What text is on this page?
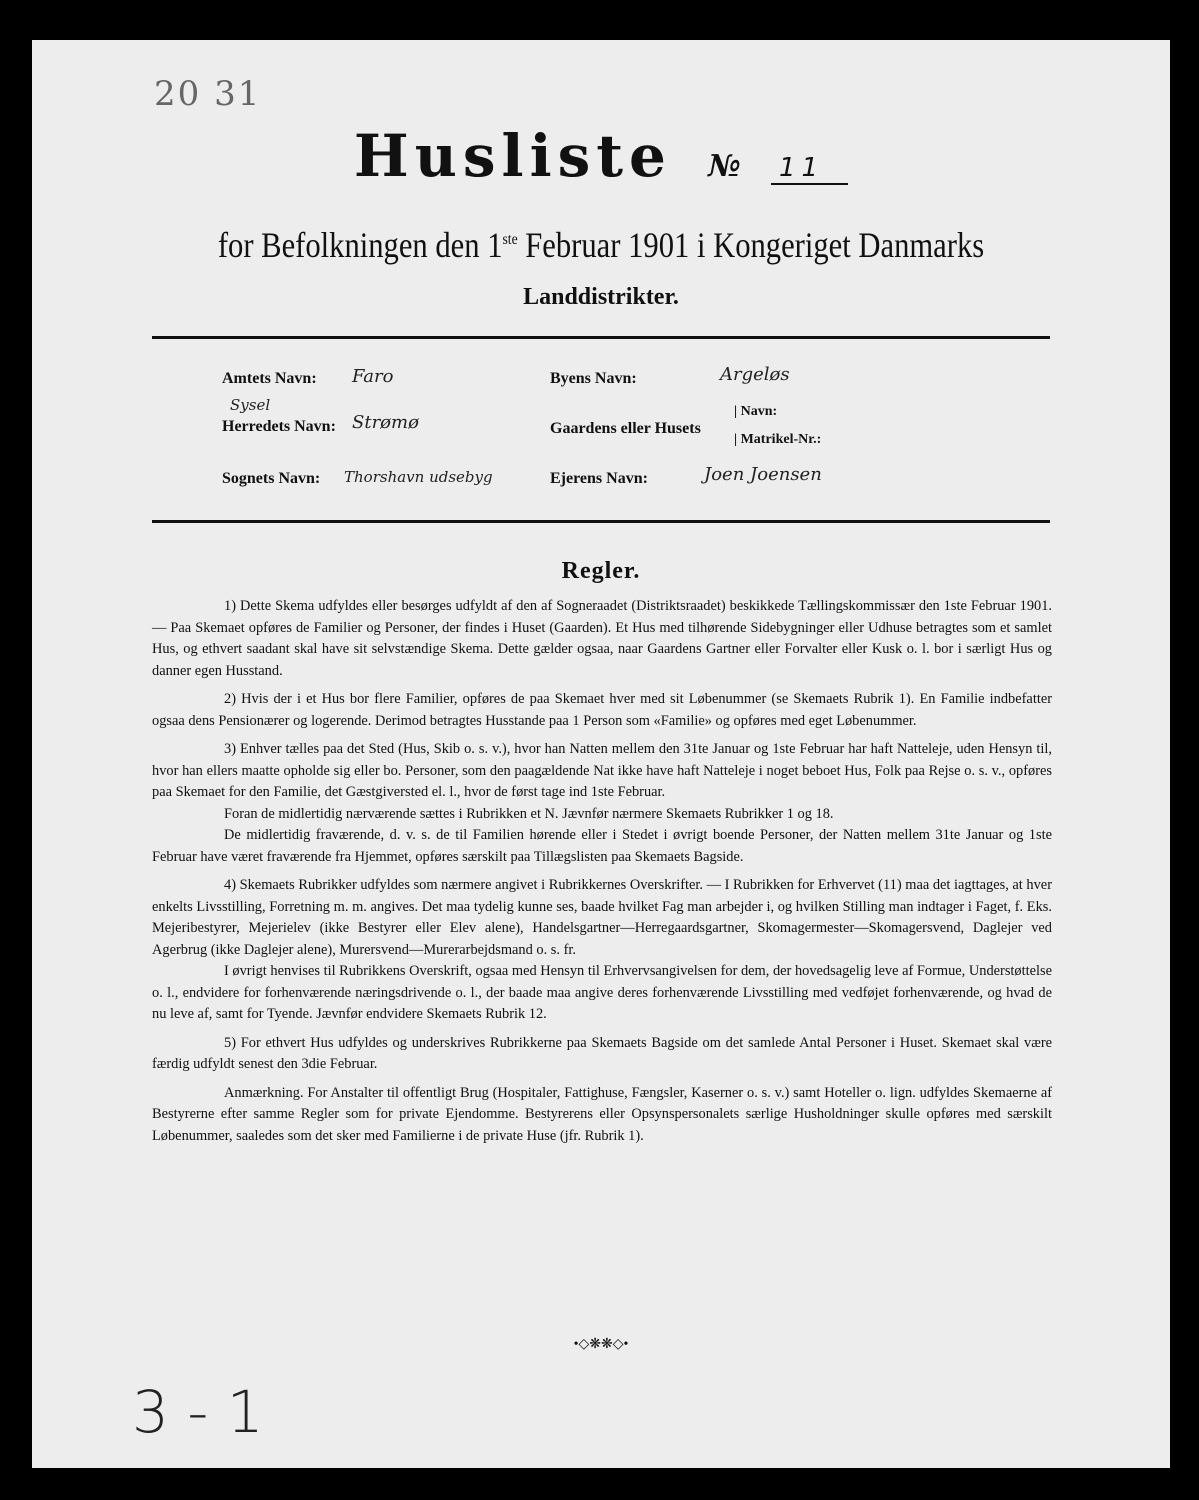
20 31
Husliste № 11
for Befolkningen den 1ste Februar 1901 i Kongeriget Danmarks
Landdistrikter.
Amtets Navn: Faro
Sysel
Herredets Navn: Strømø
Sognets Navn: Thorshavn udsebyg
Byens Navn:	Argeløs
Gaardens eller Husets
| Navn:
| Matrikel-Nr.:
Ejerens Navn:	Joen Joensen
Regler.

1) Dette Skema udfyldes eller besørges udfyldt af den af Sogneraadet (Distriktsraadet) beskikkede Tællingskommissær den 1ste Februar 1901. — Paa Skemaet opføres de Familier og Personer, der findes i Huset (Gaarden). Et Hus med tilhørende Sidebygninger eller Udhuse betragtes som et samlet Hus, og ethvert saadant skal have sit selvstændige Skema. Dette gælder ogsaa, naar Gaardens Gartner eller Forvalter eller Kusk o. l. bor i særligt Hus og danner egen Husstand.

2) Hvis der i et Hus bor flere Familier, opføres de paa Skemaet hver med sit Løbenummer (se Skemaets Rubrik 1). En Familie indbefatter ogsaa dens Pensionærer og logerende. Derimod betragtes Husstande paa 1 Person som «Familie» og opføres med eget Løbenummer.

3) Enhver tælles paa det Sted (Hus, Skib o. s. v.), hvor han Natten mellem den 31te Januar og 1ste Februar har haft Natteleje, uden Hensyn til, hvor han ellers maatte opholde sig eller bo. Personer, som den paagældende Nat ikke have haft Natteleje i noget beboet Hus, Folk paa Rejse o. s. v., opføres paa Skemaet for den Familie, det Gæstgiversted el. l., hvor de først tage ind 1ste Februar.

Foran de midlertidig nærværende sættes i Rubrikken et N. Jævnfør nærmere Skemaets Rubrikker 1 og 18.

De midlertidig fraværende, d. v. s. de til Familien hørende eller i Stedet i øvrigt boende Personer, der Natten mellem 31te Januar og 1ste Februar have været fraværende fra Hjemmet, opføres særskilt paa Tillægslisten paa Skemaets Bagside.

4) Skemaets Rubrikker udfyldes som nærmere angivet i Rubrikkernes Overskrifter. — I Rubrikken for Erhvervet (11) maa det iagttages, at hver enkelts Livsstilling, Forretning m. m. angives. Det maa tydelig kunne ses, baade hvilket Fag man arbejder i, og hvilken Stilling man indtager i Faget, f. Eks. Mejeribestyrer, Mejerielev (ikke Bestyrer eller Elev alene), Handelsgartner—Herregaardsgartner, Skomagermester—Skomagersvend, Daglejer ved Agerbrug (ikke Daglejer alene), Murersvend—Murerarbejdsmand o. s. fr.

I øvrigt henvises til Rubrikkens Overskrift, ogsaa med Hensyn til Erhvervsangivelsen for dem, der hovedsagelig leve af Formue, Understøttelse o. l., endvidere for forhenværende næringsdrivende o. l., der baade maa angive deres forhenværende Livsstilling med vedføjet forhenværende, og hvad de nu leve af, samt for Tyende. Jævnfør endvidere Skemaets Rubrik 12.

5) For ethvert Hus udfyldes og underskrives Rubrikkerne paa Skemaets Bagside om det samlede Antal Personer i Huset. Skemaet skal være færdig udfyldt senest den 3die Februar.

Anmærkning. For Anstalter til offentligt Brug (Hospitaler, Fattighuse, Fængsler, Kaserner o. s. v.) samt Hoteller o. lign. udfyldes Skemaerne af Bestyrerne efter samme Regler som for private Ejendomme. Bestyrerens eller Opsynspersonalets særlige Husholdninger skulle opføres med særskilt Løbenummer, saaledes som det sker med Familierne i de private Huse (jfr. Rubrik 1).

•◇❋❋◇•
3 - 1
